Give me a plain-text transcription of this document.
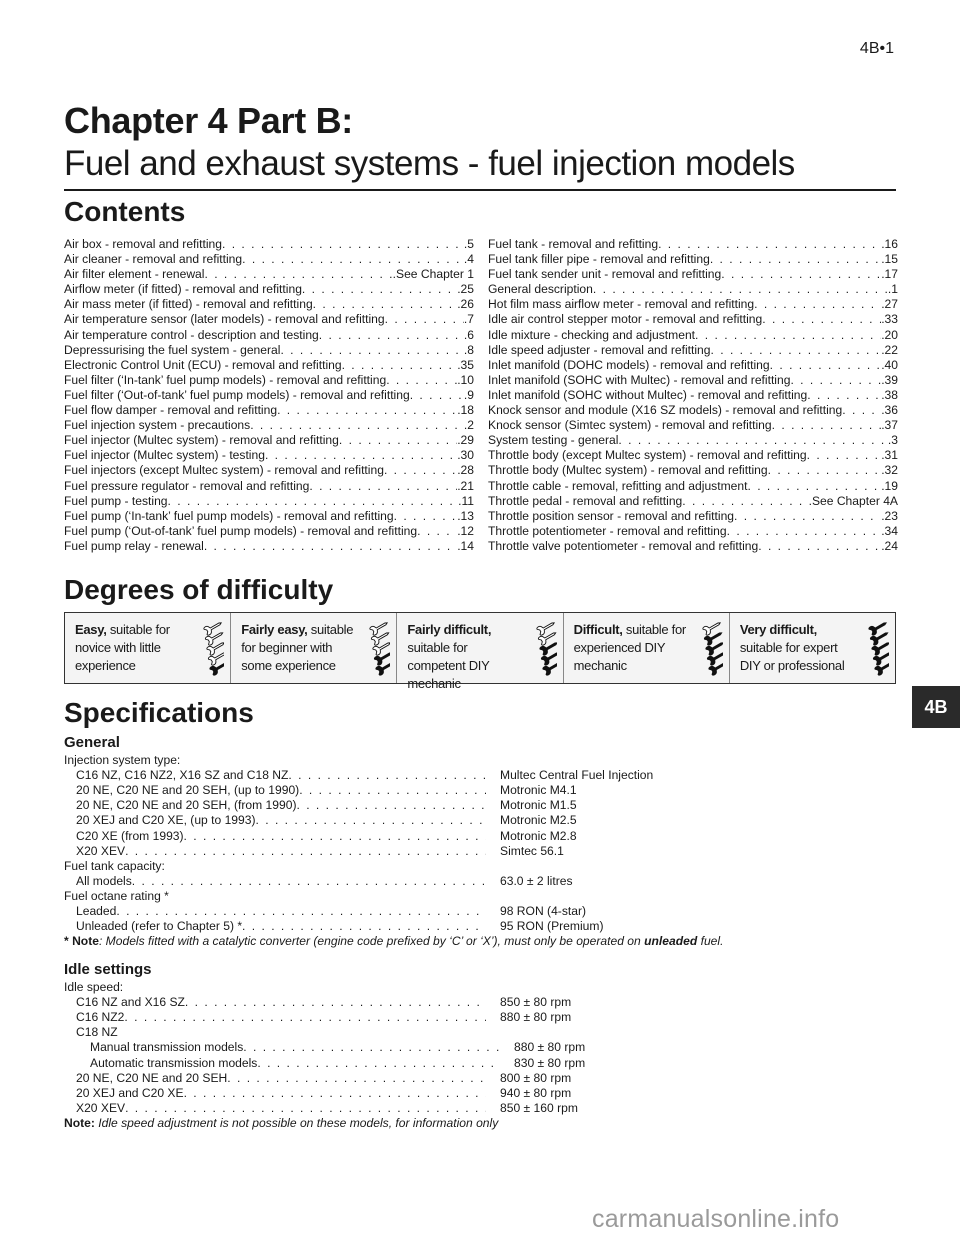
4B•1
Chapter 4 Part B:
Fuel and exhaust systems - fuel injection models
Contents
Air box - removal and refitting . . .	.5
Air cleaner - removal and refitting . . .	.4
Air filter element - renewal . . .	.See Chapter 1
Airflow meter (if fitted) - removal and refitting . . .	.25
Air mass meter (if fitted) - removal and refitting . . .	.26
Air temperature sensor (later models) - removal and refitting . . .	.7
Air temperature control - description and testing . . .	.6
Depressurising the fuel system - general . . .	.8
Electronic Control Unit (ECU) - removal and refitting . . .	.35
Fuel filter (‘In-tank’ fuel pump models) - removal and refitting . . .	.10
Fuel filter (‘Out-of-tank’ fuel pump models) - removal and refitting . . .	.9
Fuel flow damper - removal and refitting . . .	.18
Fuel injection system - precautions . . .	.2
Fuel injector (Multec system) - removal and refitting . . .	.29
Fuel injector (Multec system) - testing . . .	.30
Fuel injectors (except Multec system) - removal and refitting . . .	.28
Fuel pressure regulator - removal and refitting . . .	.21
Fuel pump - testing . . .	.11
Fuel pump (‘In-tank’ fuel pump models) - removal and refitting . . .	.13
Fuel pump (‘Out-of-tank’ fuel pump models) - removal and refitting . . .	.12
Fuel pump relay - renewal . . .	.14
Fuel tank - removal and refitting . . .	.16
Fuel tank filler pipe - removal and refitting . . .	.15
Fuel tank sender unit - removal and refitting . . .	.17
General description . . .	.1
Hot film mass airflow meter - removal and refitting . . .	.27
Idle air control stepper motor - removal and refitting . . .	.33
Idle mixture - checking and adjustment . . .	.20
Idle speed adjuster - removal and refitting . . .	.22
Inlet manifold (DOHC models) - removal and refitting . . .	.40
Inlet manifold (SOHC with Multec) - removal and refitting . . .	.39
Inlet manifold (SOHC without Multec) - removal and refitting . . .	.38
Knock sensor and module (X16 SZ models) - removal and refitting . . .	.36
Knock sensor (Simtec system) - removal and refitting . . .	.37
System testing - general . . .	.3
Throttle body (except Multec system) - removal and refitting . . .	.31
Throttle body (Multec system) - removal and refitting . . .	.32
Throttle cable - removal, refitting and adjustment . . .	.19
Throttle pedal - removal and refitting . . .	.See Chapter 4A
Throttle position sensor - removal and refitting . . .	.23
Throttle potentiometer - removal and refitting . . .	.34
Throttle valve potentiometer - removal and refitting . . .	.24
Degrees of difficulty
Easy, suitable for novice with little experience
Fairly easy, suitable for beginner with some experience
Fairly difficult, suitable for competent DIY mechanic
Difficult, suitable for experienced DIY mechanic
Very difficult, suitable for expert DIY or professional
4B
Specifications
General
Injection system type:
C16 NZ, C16 NZ2, X16 SZ and C18 NZ . . .	Multec Central Fuel Injection
20 NE, C20 NE and 20 SEH, (up to 1990) . . .	Motronic M4.1
20 NE, C20 NE and 20 SEH, (from 1990) . . .	Motronic M1.5
20 XEJ and C20 XE, (up to 1993) . . .	Motronic M2.5
C20 XE (from 1993) . . .	Motronic M2.8
X20 XEV . . .	Simtec 56.1
Fuel tank capacity:
All models . . .	63.0 ± 2 litres
Fuel octane rating *
Leaded . . .	98 RON (4-star)
Unleaded (refer to Chapter 5) * . . .	95 RON (Premium)
* Note: Models fitted with a catalytic converter (engine code prefixed by ‘C’ or ‘X’), must only be operated on unleaded fuel.
Idle settings
Idle speed:
C16 NZ and X16 SZ . . .	850 ± 80 rpm
C16 NZ2 . . .	880 ± 80 rpm
C18 NZ
Manual transmission models . . .	880 ± 80 rpm
Automatic transmission models . . .	830 ± 80 rpm
20 NE, C20 NE and 20 SEH . . .	800 ± 80 rpm
20 XEJ and C20 XE . . .	940 ± 80 rpm
X20 XEV . . .	850 ± 160 rpm
Note: Idle speed adjustment is not possible on these models, for information only
carmanualsonline.info
